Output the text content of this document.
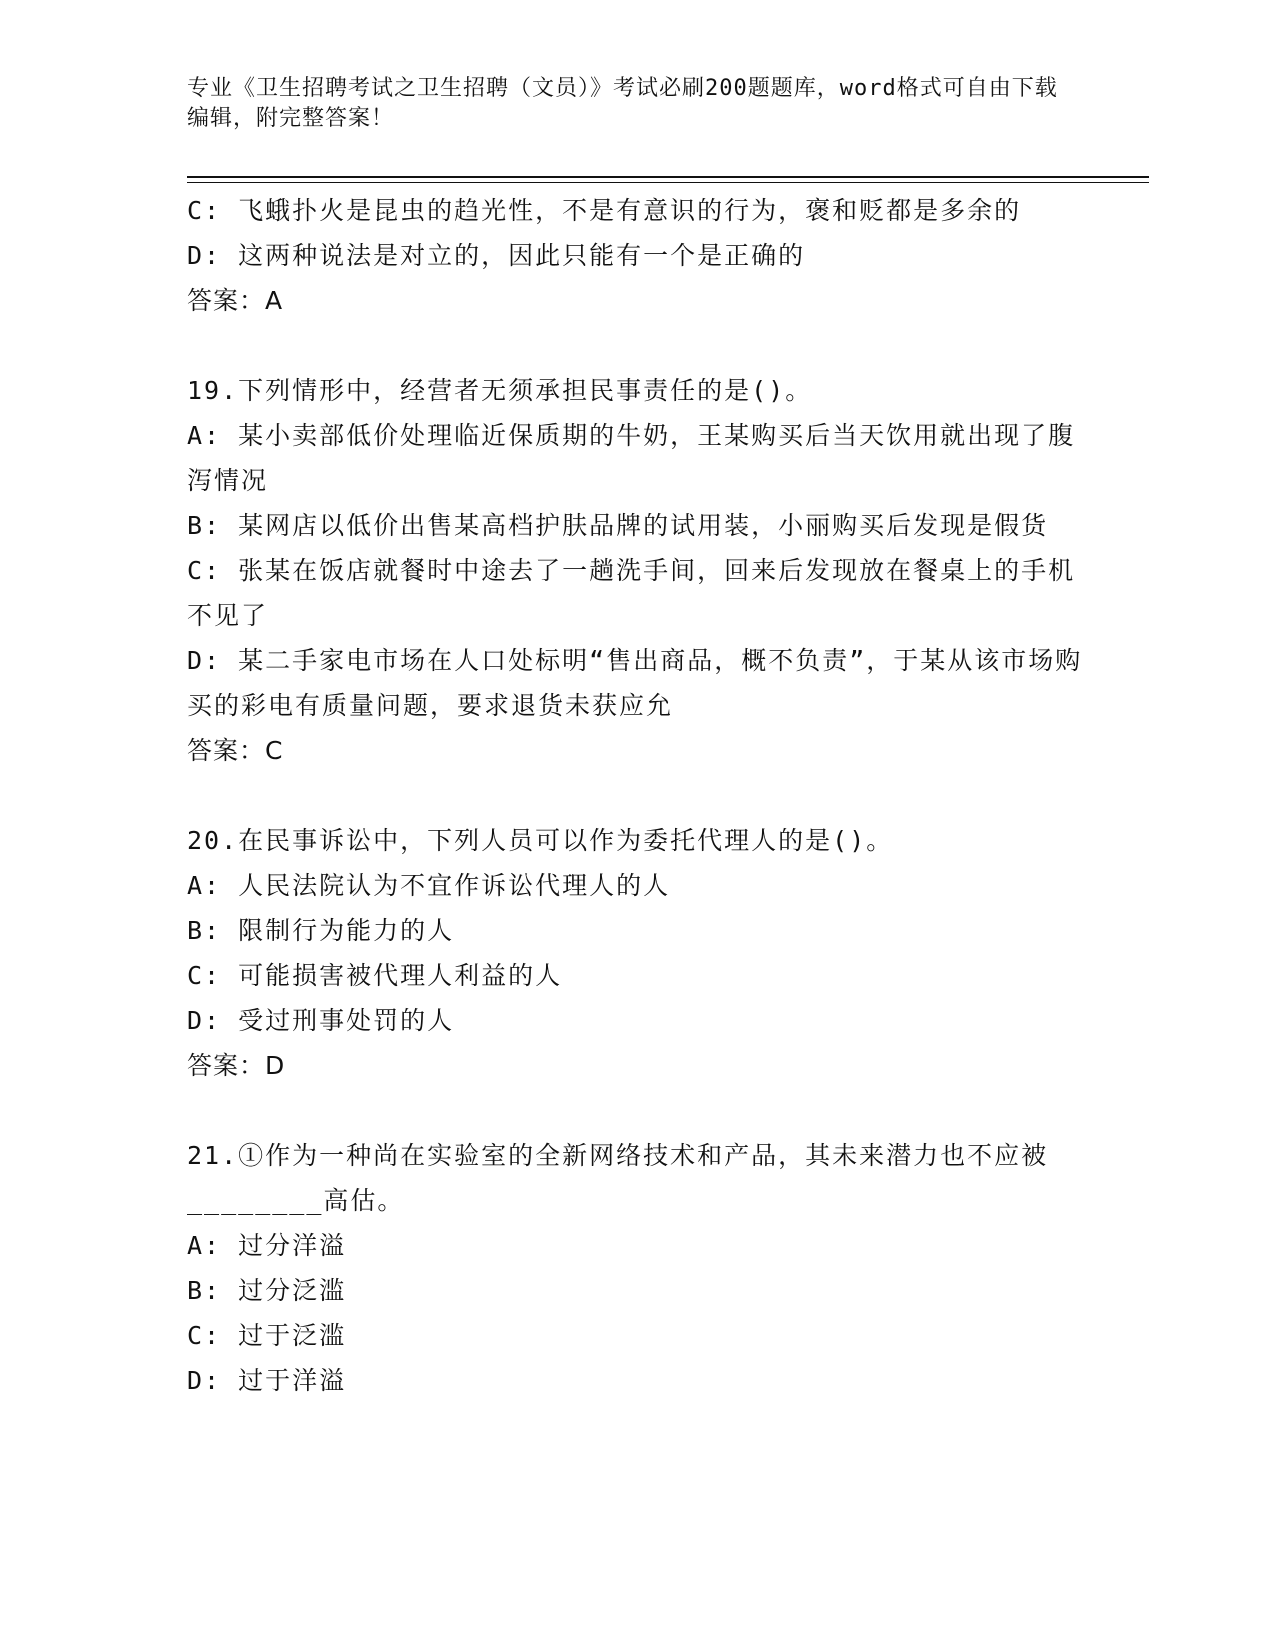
专业《卫生招聘考试之卫生招聘（文员）》考试必刷200题题库，word格式可自由下载编辑，附完整答案！

C: 飞蛾扑火是昆虫的趋光性，不是有意识的行为，褒和贬都是多余的

D: 这两种说法是对立的，因此只能有一个是正确的

答案：A

19.下列情形中，经营者无须承担民事责任的是()。

A: 某小卖部低价处理临近保质期的牛奶，王某购买后当天饮用就出现了腹泻情况

B: 某网店以低价出售某高档护肤品牌的试用装，小丽购买后发现是假货

C: 张某在饭店就餐时中途去了一趟洗手间，回来后发现放在餐桌上的手机不见了

D: 某二手家电市场在人口处标明“售出商品，概不负责”，于某从该市场购买的彩电有质量问题，要求退货未获应允

答案：C

20.在民事诉讼中，下列人员可以作为委托代理人的是()。

A: 人民法院认为不宜作诉讼代理人的人

B: 限制行为能力的人

C: 可能损害被代理人利益的人

D: 受过刑事处罚的人

答案：D

21.①作为一种尚在实验室的全新网络技术和产品，其未来潜力也不应被________高估。

A: 过分洋溢

B: 过分泛滥

C: 过于泛滥

D: 过于洋溢
